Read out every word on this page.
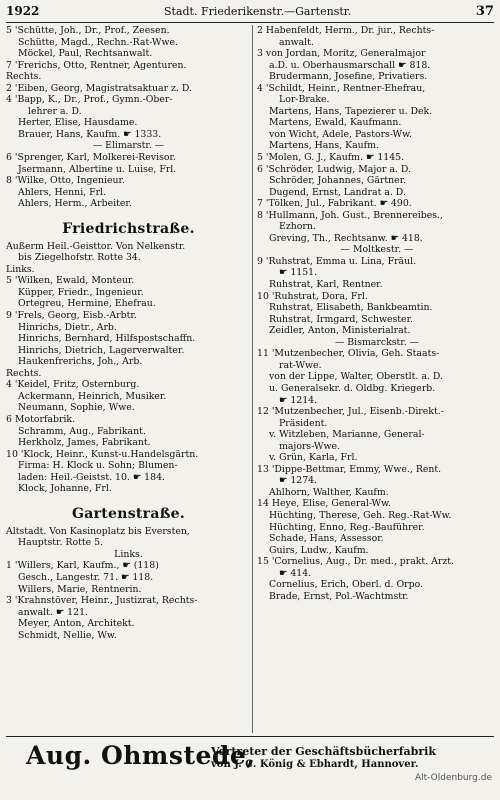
1922	Stadt. Friederikenstr.—Gartenstr.	37
5 'Schütte, Joh., Dr., Prof., Zeesen.
Schütte, Magd., Rechn.-Rat-Wwe.
Möckel, Paul, Rechtsanwalt.
7 'Frerichs, Otto, Rentner, Agenturen.
Rechts.
2 'Eiben, Georg, Magistratsaktuar z. D.
4 'Bapp, K., Dr., Prof., Gymn.-Ober-
lehrer a. D.
Herter, Elise, Hausdame.
Brauer, Hans, Kaufm. ☛ 1333.
— Elimarstr. —
6 'Sprenger, Karl, Molkerei-Revisor.
Jsermann, Albertine u. Luise, Frl.
8 'Wilke, Otto, Ingenieur.
Ahlers, Henni, Frl.
Ahlers, Herm., Arbeiter.
Friedrichstraße.
Außerm Heil.-Geisttor. Von Nelkenstr.
bis Ziegelhofstr. Rotte 34.
Links.
5 'Wilken, Ewald, Monteur.
Küpper, Friedr., Ingenieur.
Ortegreu, Hermine, Ehefrau.
9 'Frels, Georg, Eisb.-Arbtr.
Hinrichs, Dietr., Arb.
Hinrichs, Bernhard, Hilfspostschaffn.
Hinrichs, Dietrich, Lagerverwalter.
Haukenfrerichs, Joh., Arb.
Rechts.
4 'Keidel, Fritz, Osternburg.
Ackermann, Heinrich, Musiker.
Neumann, Sophie, Wwe.
6 Motorfabrik.
Schramm, Aug., Fabrikant.
Herkholz, James, Fabrikant.
10 'Klock, Heinr., Kunst-u.Handelsgärtn.
Firma: H. Klock u. Sohn; Blumen-
laden: Heil.-Geistst. 10. ☛ 184.
Klock, Johanne, Frl.
Gartenstraße.
Altstadt. Von Kasinoplatz bis Eversten,
Hauptstr. Rotte 5.
Links.
1 'Willers, Karl, Kaufm., ☛ (118)
Gesch., Langestr. 71. ☛ 118.
Willers, Marie, Rentnerin.
3 'Krahnstöver, Heinr., Justizrat, Rechts-
anwalt. ☛ 121.
Meyer, Anton, Architekt.
Schmidt, Nellie, Ww.
2 Habenfeldt, Herm., Dr. jur., Rechts-
anwalt.
3 von Jordan, Moritz, Generalmajor
a.D. u. Oberhausmarschall ☛ 818.
Brudermann, Josefine, Privatiers.
4 'Schildt, Heinr., Rentner-Ehefrau,
Lor-Brake.
Martens, Hans, Tapezierer u. Dek.
Martens, Ewald, Kaufmann.
von Wicht, Adele, Pastors-Ww.
Martens, Hans, Kaufm.
5 'Molen, G. J., Kaufm. ☛ 1145.
6 'Schröder, Ludwig, Major a. D.
Schröder, Johannes, Gärtner.
Dugend, Ernst, Landrat a. D.
7 'Tölken, Jul., Fabrikant. ☛ 490.
8 'Hullmann, Joh. Gust., Brennereibes.,
Ezhorn.
Greving, Th., Rechtsanw. ☛ 418.
— Moltkestr. —
9 'Ruhstrat, Emma u. Lina, Fräul.
☛ 1151.
Ruhstrat, Karl, Rentner.
10 'Ruhstrat, Dora, Frl.
Ruhstrat, Elisabeth, Bankbeamtin.
Ruhstrat, Irmgard, Schwester.
Zeidler, Anton, Ministerialrat.
— Bismarckstr. —
11 'Mutzenbecher, Olivia, Geh. Staats-
rat-Wwe.
von der Lippe, Walter, Oberstlt. a. D.
u. Generalsekr. d. Oldbg. Kriegerb.
☛ 1214.
12 'Mutzenbecher, Jul., Eisenb.-Direkt.-
Präsident.
v. Witzleben, Marianne, General-
majors-Wwe.
v. Grün, Karla, Frl.
13 'Dippe-Bettmar, Emmy, Wwe., Rent.
☛ 1274.
Ahlhorn, Walther, Kaufm.
14 Heye, Elise, General-Ww.
Hüchting, Therese, Geh. Reg.-Rat-Ww.
Hüchting, Enno, Reg.-Bauführer.
Schade, Hans, Assessor.
Guirs, Ludw., Kaufm.
15 'Cornelius, Aug., Dr. med., prakt. Arzt.
☛ 414.
Cornelius, Erich, Oberl. d. Orpo.
Brade, Ernst, Pol.-Wachtmstr.
Aug. Ohmstede,
Vertreter der Geschäftsbücherfabrik
von J. C. König & Ebhardt, Hannover.
Alt-Oldenburg.de
